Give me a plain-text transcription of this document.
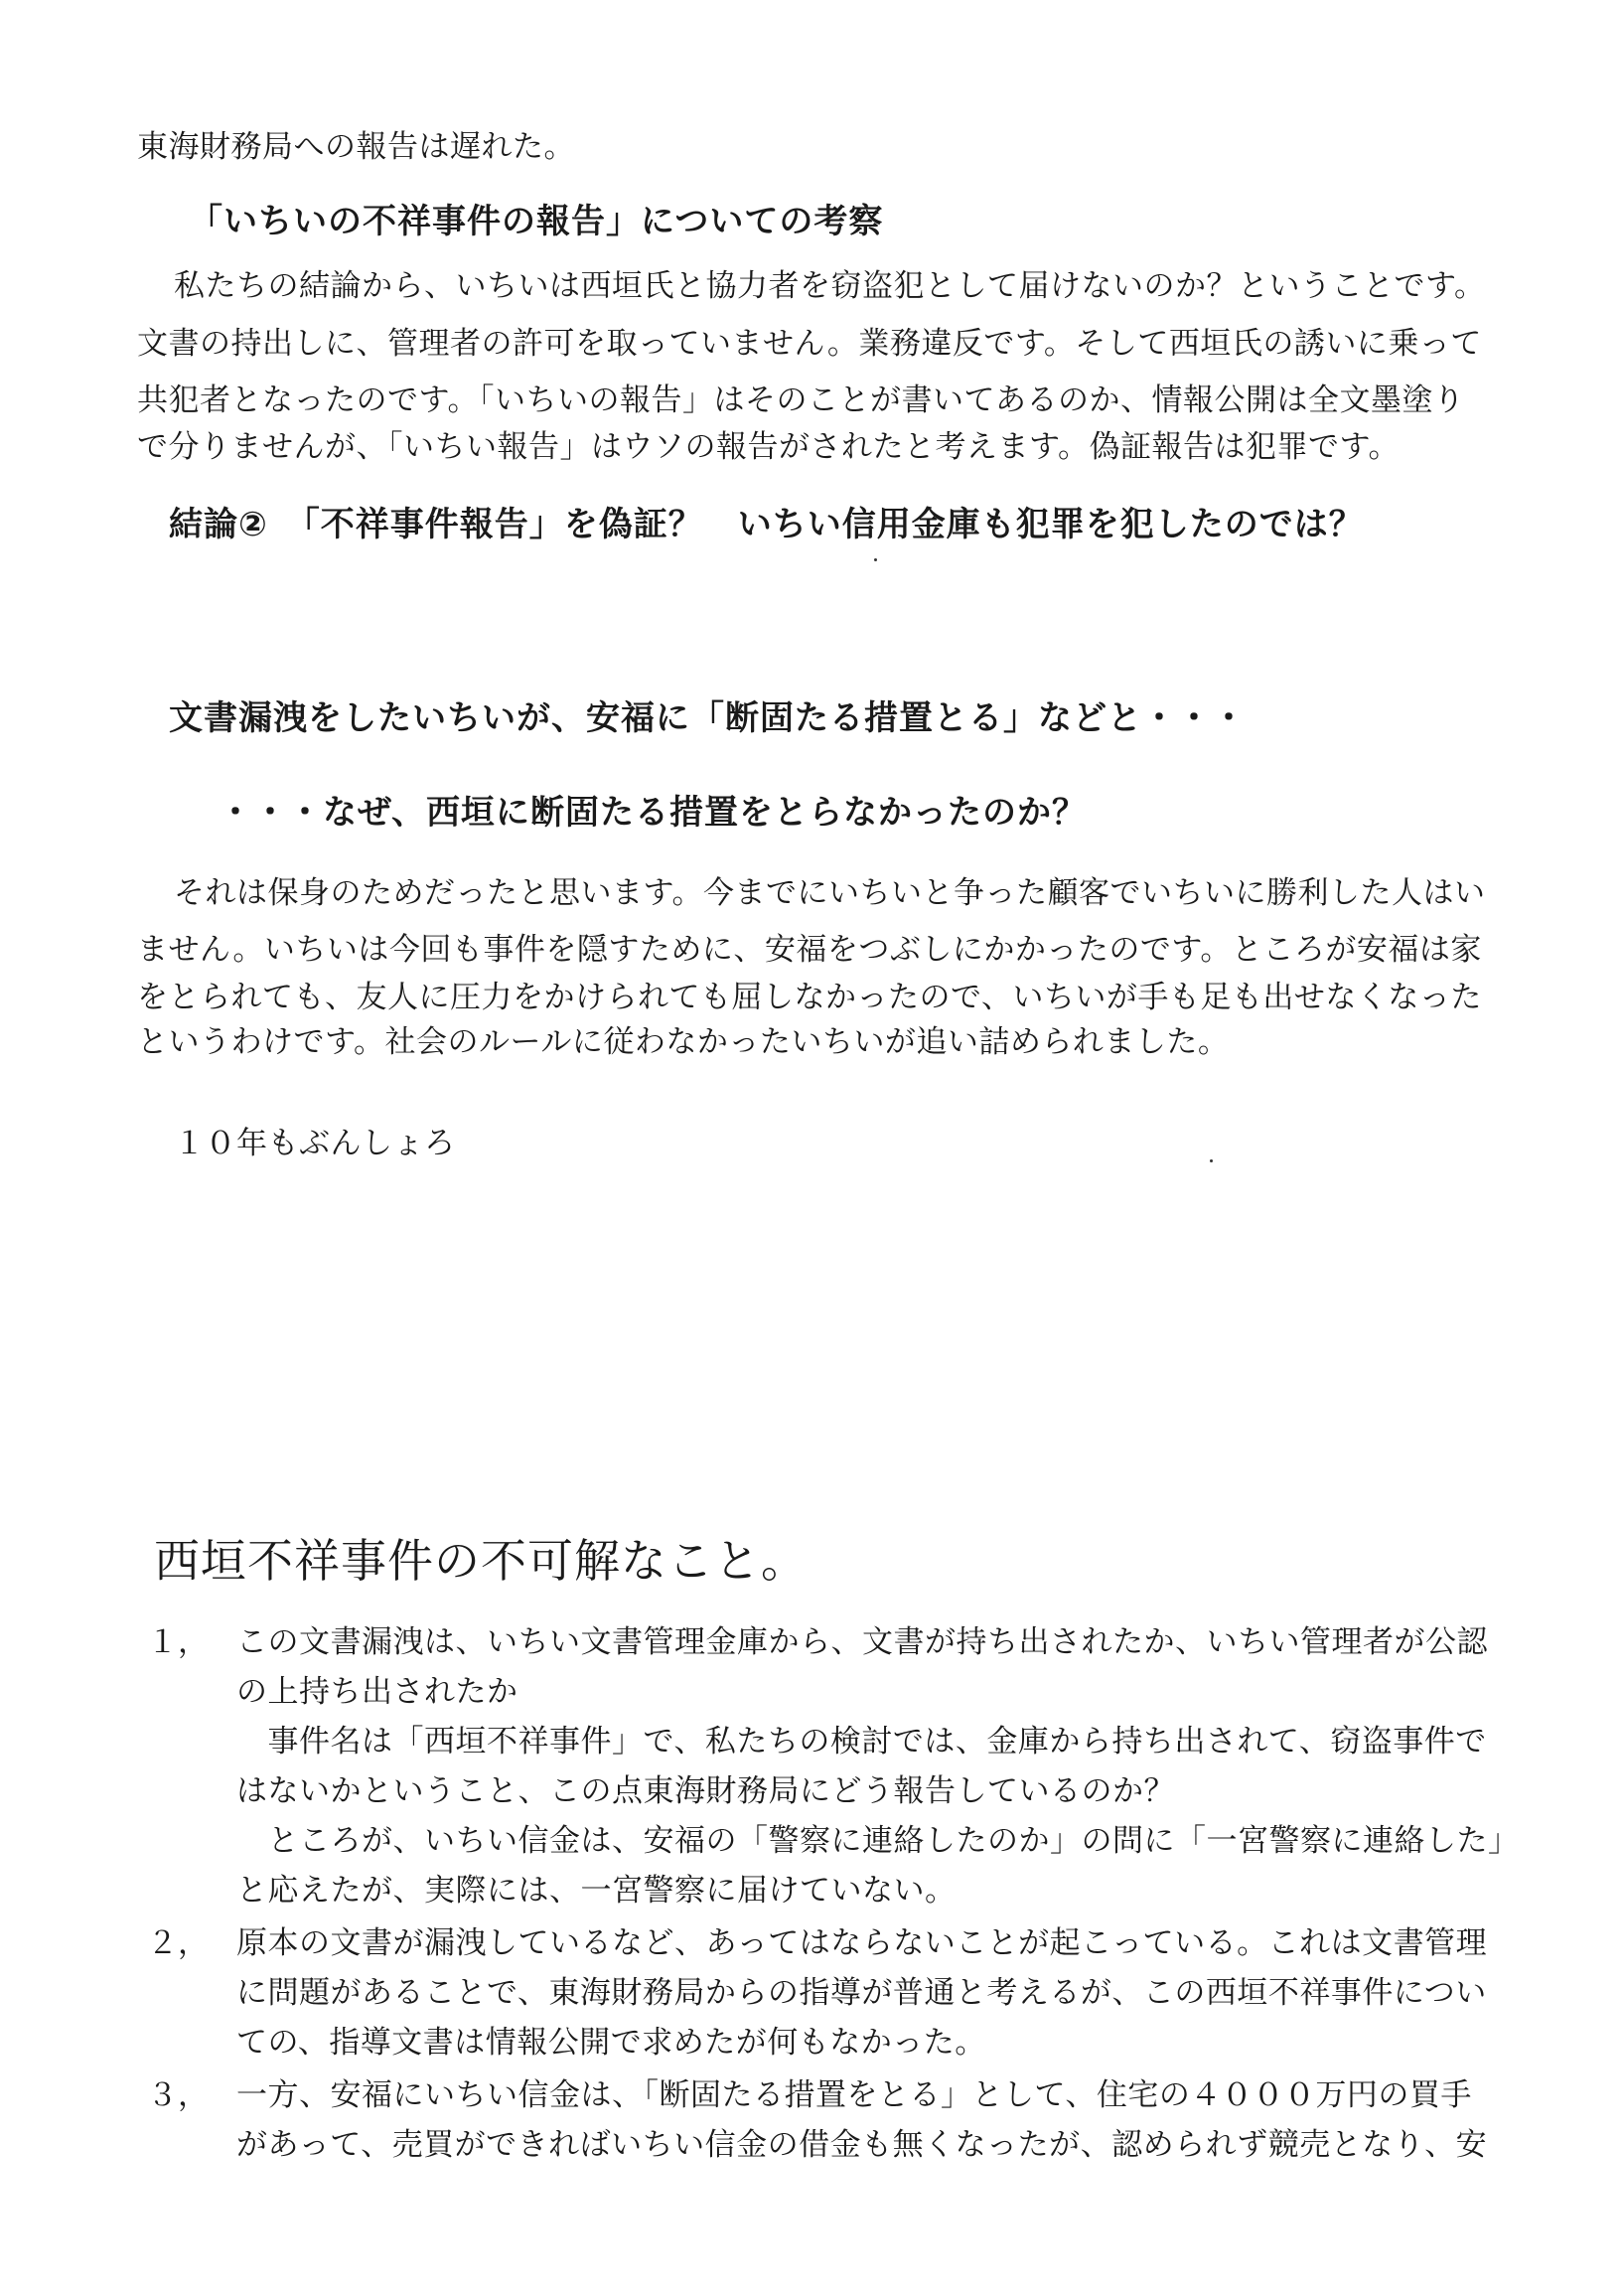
東海財務局への報告は遅れた。
「いちいの不祥事件の報告」についての考察
私たちの結論から、いちいは西垣氏と協力者を窃盗犯として届けないのか？ということです。
文書の持出しに、管理者の許可を取っていません。業務違反です。そして西垣氏の誘いに乗って
共犯者となったのです。「いちいの報告」はそのことが書いてあるのか、情報公開は全文墨塗り
で分りませんが、「いちい報告」はウソの報告がされたと考えます。偽証報告は犯罪です。
結論②　「不祥事件報告」を偽証？　いちい信用金庫も犯罪を犯したのでは？
文書漏洩をしたいちいが、安福に「断固たる措置とる」などと・・・
・・・なぜ、西垣に断固たる措置をとらなかったのか？
それは保身のためだったと思います。今までにいちいと争った顧客でいちいに勝利した人はい
ません。いちいは今回も事件を隠すために、安福をつぶしにかかったのです。ところが安福は家
をとられても、友人に圧力をかけられても屈しなかったので、いちいが手も足も出せなくなった
というわけです。社会のルールに従わなかったいちいが追い詰められました。
１０年もぶんしょろ
西垣不祥事件の不可解なこと。
１， この文書漏洩は、いちい文書管理金庫から、文書が持ち出されたか、いちい管理者が公認
の上持ち出されたか
　事件名は「西垣不祥事件」で、私たちの検討では、金庫から持ち出されて、窃盗事件で
はないかということ、この点東海財務局にどう報告しているのか？
　ところが、いちい信金は、安福の「警察に連絡したのか」の問に「一宮警察に連絡した」
と応えたが、実際には、一宮警察に届けていない。
２， 原本の文書が漏洩しているなど、あってはならないことが起こっている。これは文書管理
に問題があることで、東海財務局からの指導が普通と考えるが、この西垣不祥事件につい
ての、指導文書は情報公開で求めたが何もなかった。
３， 一方、安福にいちい信金は、「断固たる措置をとる」として、住宅の４０００万円の買手
があって、売買ができればいちい信金の借金も無くなったが、認められず競売となり、安
